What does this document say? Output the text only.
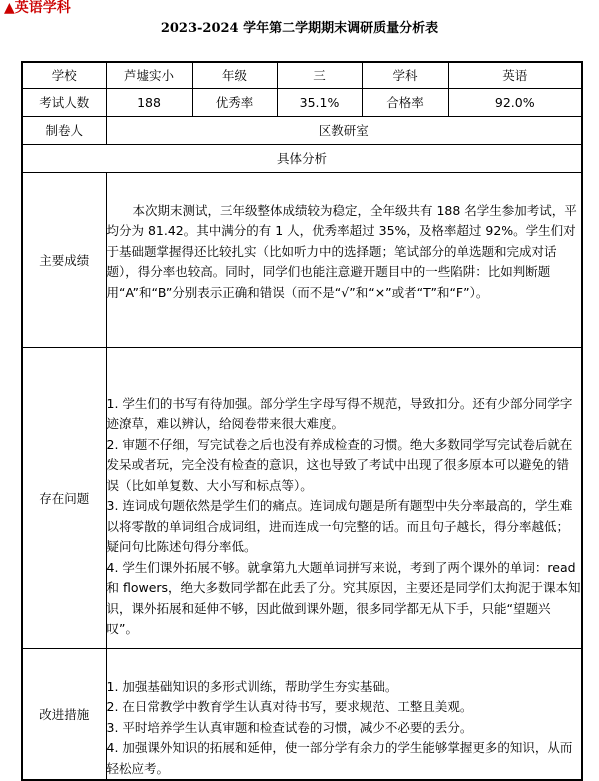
▲英语学科
2023-2024 学年第二学期期末调研质量分析表
学校	芦墟实小	年级	三	学科	英语
考试人数	188	优秀率	35.1%	合格率	92.0%
制卷人	区教研室				
具体分析					
主要成绩	本次期末测试，三年级整体成绩较为稳定，全年级共有 188 名学生参加考试，平均分为 81.42。其中满分的有 1 人，优秀率超过 35%，及格率超过 92%。学生们对于基础题掌握得还比较扎实（比如听力中的选择题；笔试部分的单选题和完成对话题），得分率也较高。同时，同学们也能注意避开题目中的一些陷阱：比如判断题用“A”和“B”分别表示正确和错误（而不是“√”和“×”或者“T”和“F”）。				

存在问题	1. 学生们的书写有待加强。部分学生字母写得不规范，导致扣分。还有少部分同学字迹潦草，难以辨认，给阅卷带来很大难度。

2. 审题不仔细，写完试卷之后也没有养成检查的习惯。绝大多数同学写完试卷后就在发呆或者玩，完全没有检查的意识，这也导致了考试中出现了很多原本可以避免的错误（比如单复数、大小写和标点等）。

3. 连词成句题依然是学生们的痛点。连词成句题是所有题型中失分率最高的，学生难以将零散的单词组合成词组，进而连成一句完整的话。而且句子越长，得分率越低；疑问句比陈述句得分率低。

4. 学生们课外拓展不够。就拿第九大题单词拼写来说，考到了两个课外的单词：read 和 flowers，绝大多数同学都在此丢了分。究其原因，主要还是同学们太拘泥于课本知识，课外拓展和延伸不够，因此做到课外题，很多同学都无从下手，只能“望题兴叹”。				

改进措施	1. 加强基础知识的多形式训练，帮助学生夯实基础。

2. 在日常教学中教育学生认真对待书写，要求规范、工整且美观。

3. 平时培养学生认真审题和检查试卷的习惯，减少不必要的丢分。

4. 加强课外知识的拓展和延伸，使一部分学有余力的学生能够掌握更多的知识，从而轻松应考。				
